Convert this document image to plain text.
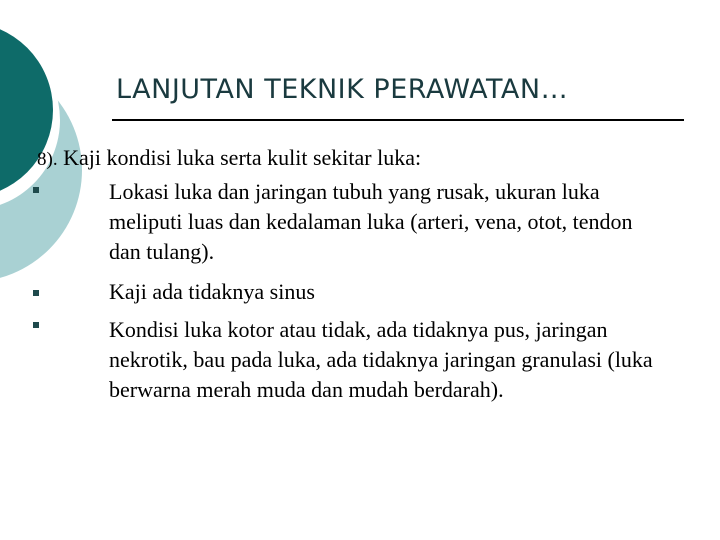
LANJUTAN TEKNIK PERAWATAN…
8). Kaji kondisi luka serta kulit sekitar luka:
Lokasi luka dan jaringan tubuh yang rusak, ukuran luka meliputi luas dan kedalaman luka (arteri, vena, otot, tendon dan tulang).
Kaji ada tidaknya sinus
Kondisi luka kotor atau tidak, ada tidaknya pus, jaringan nekrotik, bau pada luka, ada tidaknya jaringan granulasi (luka berwarna merah muda dan mudah berdarah).
